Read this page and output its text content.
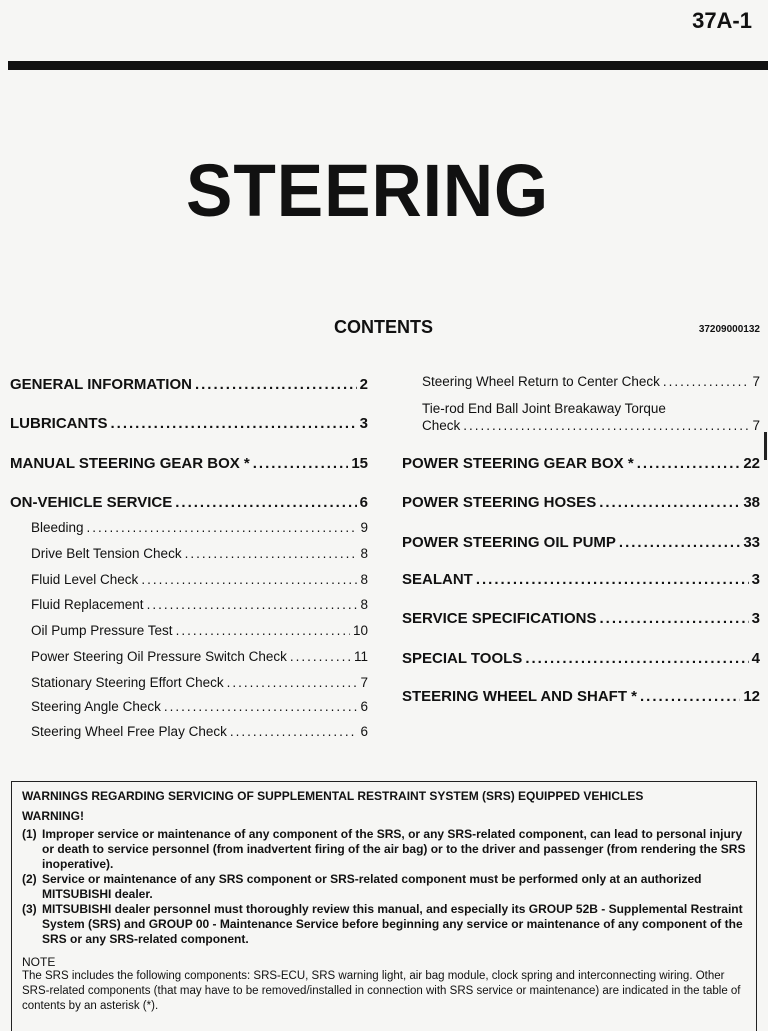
37A-1
STEERING
CONTENTS	37209000132
GENERAL INFORMATION .....	2
LUBRICANTS .....	3
MANUAL STEERING GEAR BOX * .....	15
ON-VEHICLE SERVICE .....	6
Bleeding .....	9
Drive Belt Tension Check .....	8
Fluid Level Check .....	8
Fluid Replacement .....	8
Oil Pump Pressure Test .....	10
Power Steering Oil Pressure Switch Check .....	11
Stationary Steering Effort Check .....	7
Steering Angle Check .....	6
Steering Wheel Free Play Check .....	6
Steering Wheel Return to Center Check .....	7
Tie-rod End Ball Joint Breakaway Torque
Check .....	7
POWER STEERING GEAR BOX * .....	22
POWER STEERING HOSES .....	38
POWER STEERING OIL PUMP .....	33
SEALANT .....	3
SERVICE SPECIFICATIONS .....	3
SPECIAL TOOLS .....	4
STEERING WHEEL AND SHAFT * .....	12

WARNINGS REGARDING SERVICING OF SUPPLEMENTAL RESTRAINT SYSTEM (SRS) EQUIPPED VEHICLES

WARNING!

(1) Improper service or maintenance of any component of the SRS, or any SRS-related component, can lead to personal injury or death to service personnel (from inadvertent firing of the air bag) or to the driver and passenger (from rendering the SRS inoperative).
(2) Service or maintenance of any SRS component or SRS-related component must be performed only at an authorized MITSUBISHI dealer.
(3) MITSUBISHI dealer personnel must thoroughly review this manual, and especially its GROUP 52B - Supplemental Restraint System (SRS) and GROUP 00 - Maintenance Service before beginning any service or maintenance of any component of the SRS or any SRS-related component.

NOTE

The SRS includes the following components: SRS-ECU, SRS warning light, air bag module, clock spring and interconnecting wiring. Other SRS-related components (that may have to be removed/installed in connection with SRS service or maintenance) are indicated in the table of contents by an asterisk (*).
